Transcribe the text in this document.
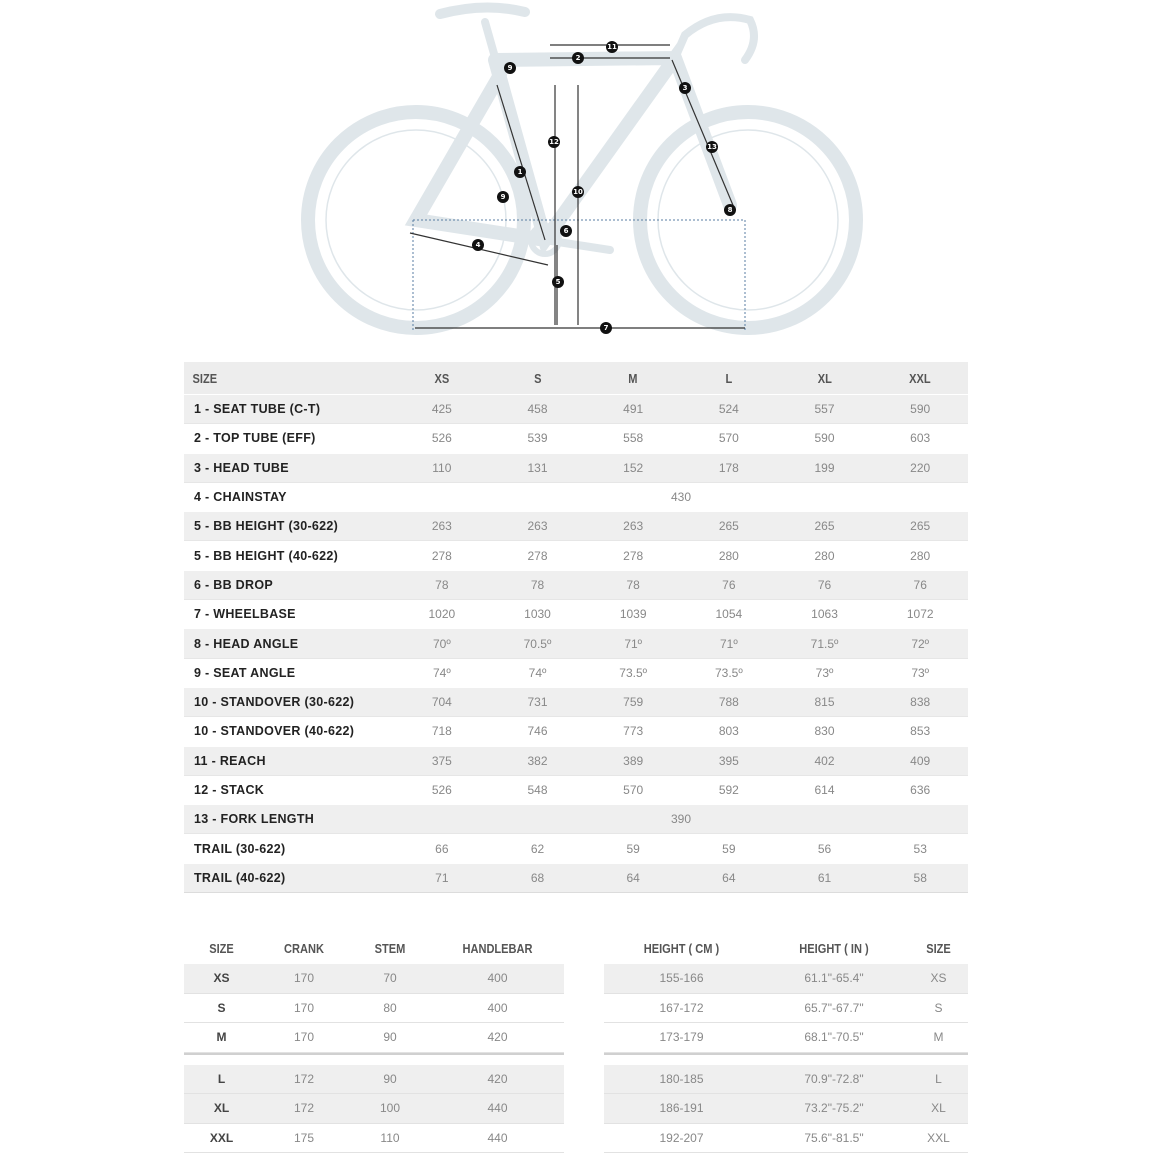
1
2
3
4
5
6
7
8
9
9
10
11
12
13
SIZE	XS	S	M	L	XL	XXL
1 - SEAT TUBE (C-T)	425	458	491	524	557	590
2 - TOP TUBE (EFF)	526	539	558	570	590	603
3 - HEAD TUBE	110	131	152	178	199	220
4 - CHAINSTAY	430
5 - BB HEIGHT (30-622)	263	263	263	265	265	265
5 - BB HEIGHT (40-622)	278	278	278	280	280	280
6 - BB DROP	78	78	78	76	76	76
7 - WHEELBASE	1020	1030	1039	1054	1063	1072
8 - HEAD ANGLE	70º	70.5º	71º	71º	71.5º	72º
9 - SEAT ANGLE	74º	74º	73.5º	73.5º	73º	73º
10 - STANDOVER (30-622)	704	731	759	788	815	838
10 - STANDOVER (40-622)	718	746	773	803	830	853
11 - REACH	375	382	389	395	402	409
12 - STACK	526	548	570	592	614	636
13 - FORK LENGTH	390
TRAIL (30-622)	66	62	59	59	56	53
TRAIL (40-622)	71	68	64	64	61	58
SIZE	CRANK	STEM	HANDLEBAR
XS	170	70	400
S	170	80	400
M	170	90	420
L	172	90	420
XL	172	100	440
XXL	175	110	440
HEIGHT ( CM )	HEIGHT ( IN )	SIZE
155-166	61.1"-65.4"	XS
167-172	65.7"-67.7"	S
173-179	68.1"-70.5"	M
180-185	70.9"-72.8"	L
186-191	73.2"-75.2"	XL
192-207	75.6"-81.5"	XXL
